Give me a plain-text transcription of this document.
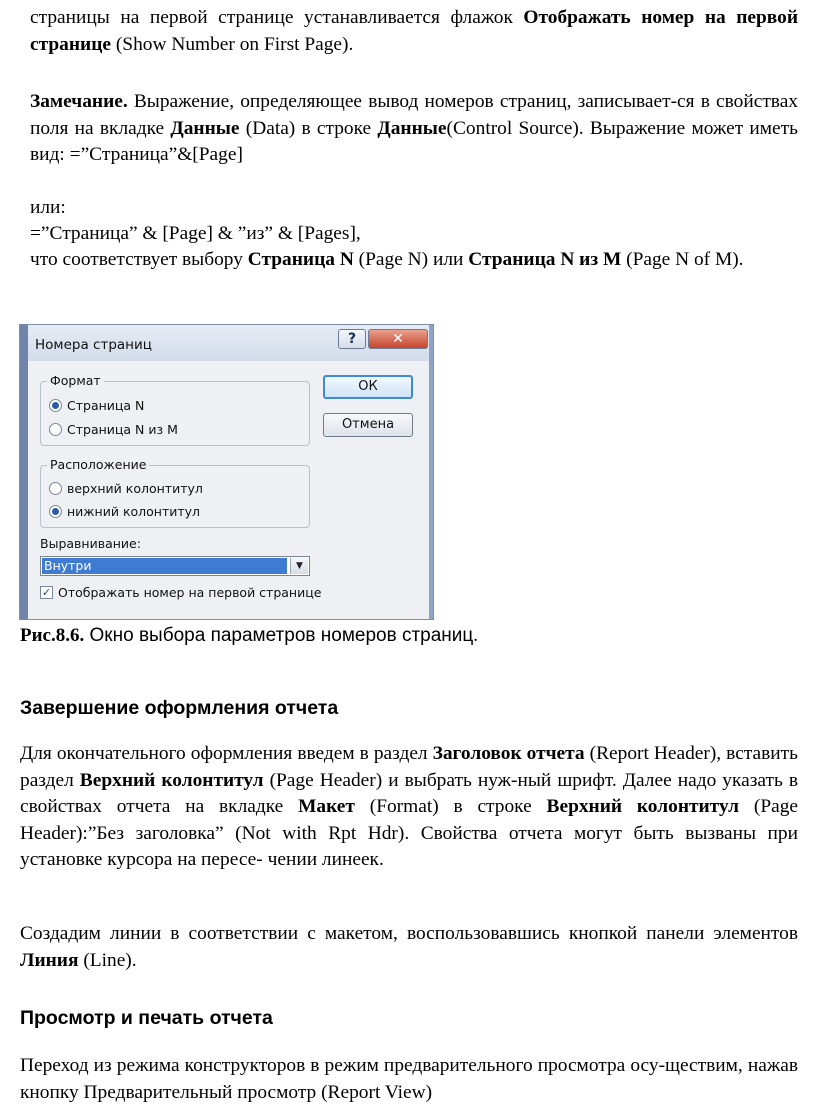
страницы на первой странице устанавливается флажок Отображать номер на первой странице (Show Number on First Page).

Замечание. Выражение, определяющее вывод номеров страниц, записывает-ся в свойствах поля на вкладке Данные (Data) в строке Данные(Control Source). Выражение может иметь вид: =”Страница”&[Page]

или:

=”Страница” & [Page] & ”из” & [Pages],

что соответствует выбору Страница N (Page N) или Страница N из M (Page N of M).

Номера страниц	?	✕
Формат
Страница N
Страница N из M
Расположение
верхний колонтитул
нижний колонтитул
Выравнивание:
Внутри	▼
✓ Отображать номер на первой странице
ОК
Отмена

Рис.8.6. Окно выбора параметров номеров страниц.

Завершение оформления отчета

Для окончательного оформления введем в раздел Заголовок отчета (Report Header), вставить раздел Верхний колонтитул (Page Header) и выбрать нуж-ный шрифт. Далее надо указать в свойствах отчета на вкладке Макет (Format) в строке Верхний колонтитул (Page Header):”Без заголовка” (Not with Rpt Hdr). Свойства отчета могут быть вызваны при установке курсора на пересе- чении линеек.

Создадим линии в соответствии с макетом, воспользовавшись кнопкой панели элементов Линия (Line).

Просмотр и печать отчета

Переход из режима конструкторов в режим предварительного просмотра осу-ществим, нажав кнопку Предварительный просмотр (Report View)
